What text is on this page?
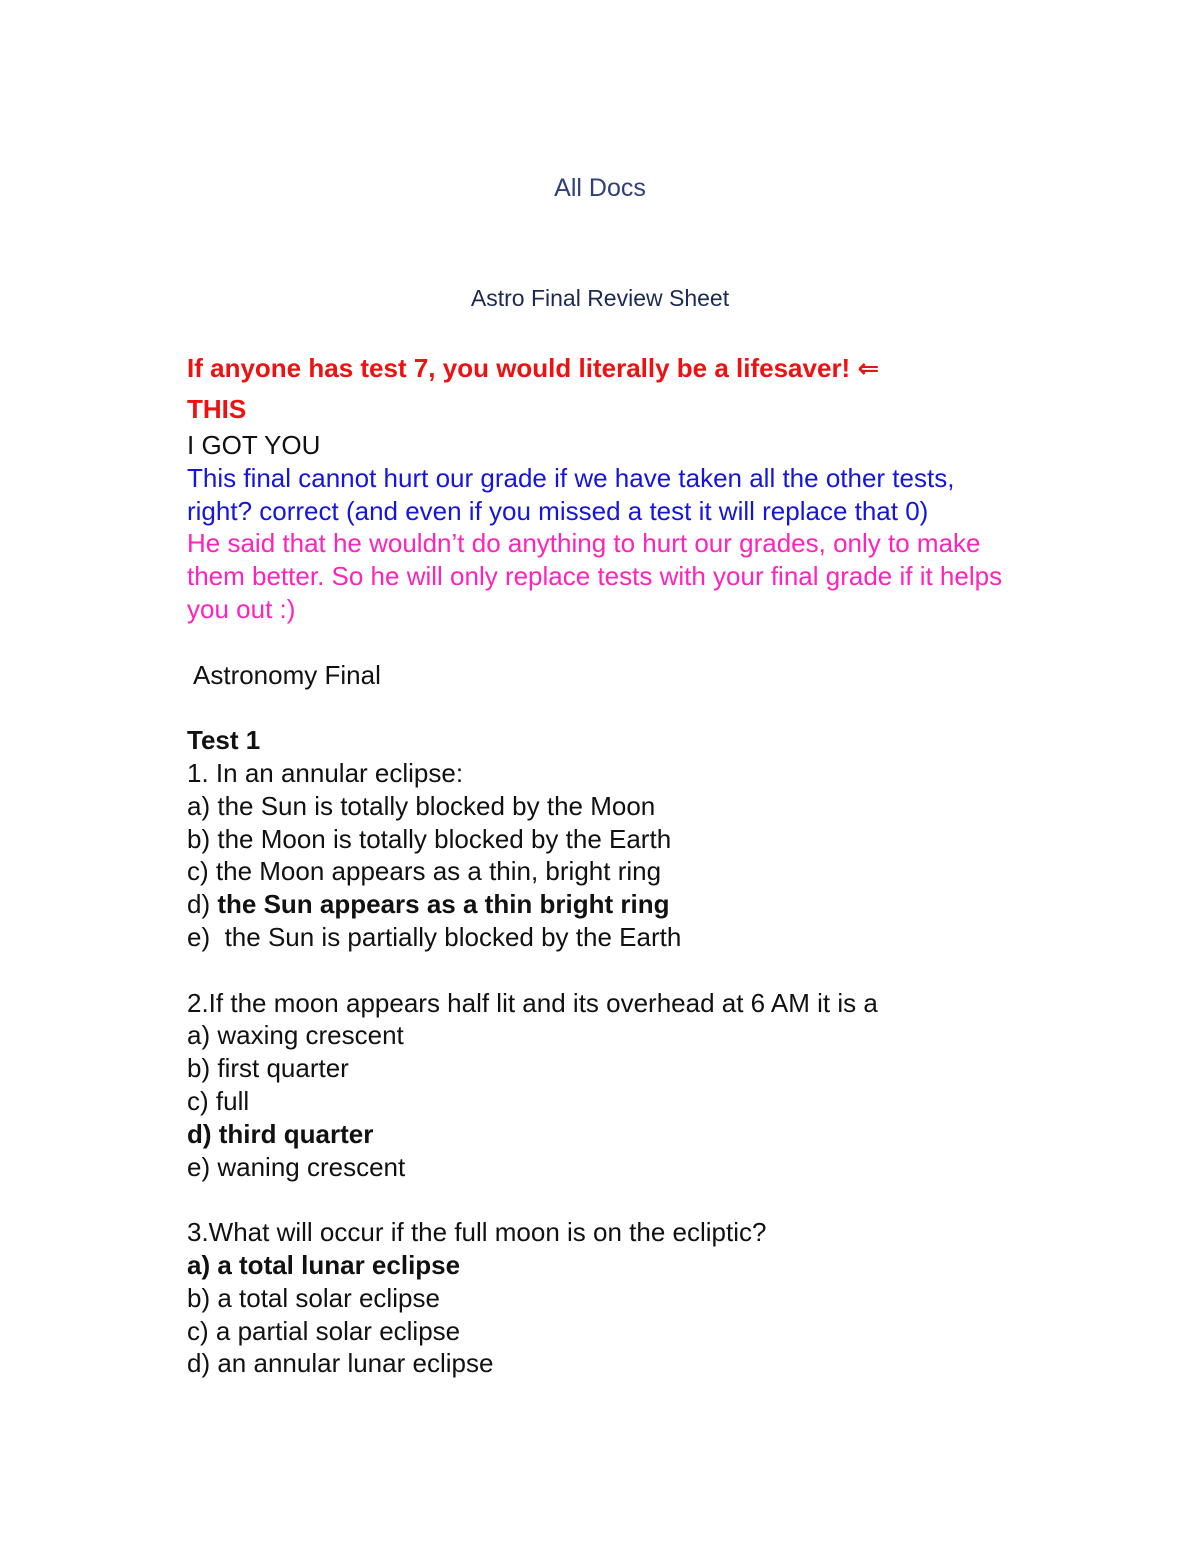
All Docs
Astro Final Review Sheet
If anyone has test 7, you would literally be a lifesaver! ⇐
THIS
I GOT YOU
This final cannot hurt our grade if we have taken all the other tests, right? correct (and even if you missed a test it will replace that 0)
He said that he wouldn’t do anything to hurt our grades, only to make them better. So he will only replace tests with your final grade if it helps you out :)
Astronomy Final
Test 1
1. In an annular eclipse:
a) the Sun is totally blocked by the Moon
b) the Moon is totally blocked by the Earth
c) the Moon appears as a thin, bright ring
d) the Sun appears as a thin bright ring
e)  the Sun is partially blocked by the Earth
2.If the moon appears half lit and its overhead at 6 AM it is a
a) waxing crescent
b) first quarter
c) full
d) third quarter
e) waning crescent
3.What will occur if the full moon is on the ecliptic?
a) a total lunar eclipse
b) a total solar eclipse
c) a partial solar eclipse
d) an annular lunar eclipse
